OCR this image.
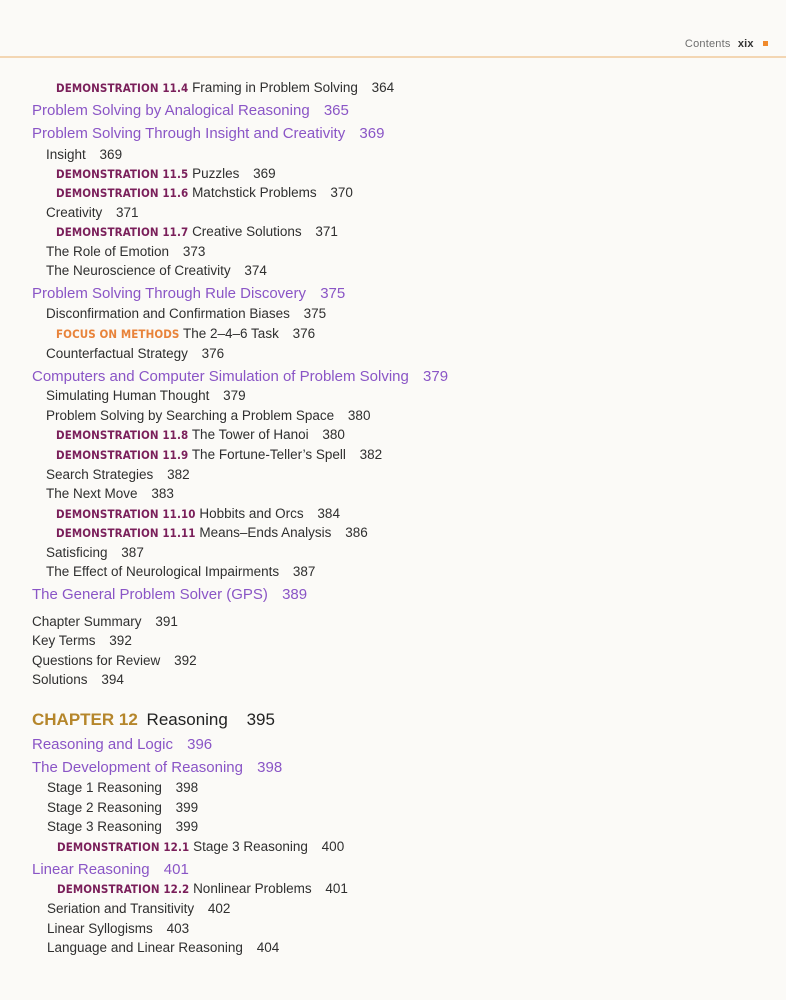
Contents xix
DEMONSTRATION 11.4 Framing in Problem Solving 364
Problem Solving by Analogical Reasoning 365
Problem Solving Through Insight and Creativity 369
Insight 369
DEMONSTRATION 11.5 Puzzles 369
DEMONSTRATION 11.6 Matchstick Problems 370
Creativity 371
DEMONSTRATION 11.7 Creative Solutions 371
The Role of Emotion 373
The Neuroscience of Creativity 374
Problem Solving Through Rule Discovery 375
Disconfirmation and Confirmation Biases 375
FOCUS ON METHODS The 2–4–6 Task 376
Counterfactual Strategy 376
Computers and Computer Simulation of Problem Solving 379
Simulating Human Thought 379
Problem Solving by Searching a Problem Space 380
DEMONSTRATION 11.8 The Tower of Hanoi 380
DEMONSTRATION 11.9 The Fortune-Teller’s Spell 382
Search Strategies 382
The Next Move 383
DEMONSTRATION 11.10 Hobbits and Orcs 384
DEMONSTRATION 11.11 Means–Ends Analysis 386
Satisficing 387
The Effect of Neurological Impairments 387
The General Problem Solver (GPS) 389
Chapter Summary 391
Key Terms 392
Questions for Review 392
Solutions 394
CHAPTER 12 Reasoning 395
Reasoning and Logic 396
The Development of Reasoning 398
Stage 1 Reasoning 398
Stage 2 Reasoning 399
Stage 3 Reasoning 399
DEMONSTRATION 12.1 Stage 3 Reasoning 400
Linear Reasoning 401
DEMONSTRATION 12.2 Nonlinear Problems 401
Seriation and Transitivity 402
Linear Syllogisms 403
Language and Linear Reasoning 404
